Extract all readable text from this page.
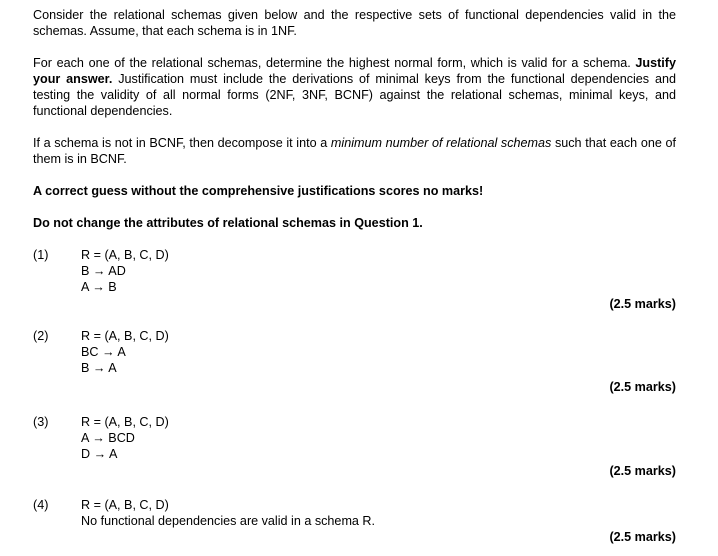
Consider the relational schemas given below and the respective sets of functional dependencies valid in the schemas. Assume, that each schema is in 1NF.

For each one of the relational schemas, determine the highest normal form, which is valid for a schema. Justify your answer. Justification must include the derivations of minimal keys from the functional dependencies and testing the validity of all normal forms (2NF, 3NF, BCNF) against the relational schemas, minimal keys, and functional dependencies.

If a schema is not in BCNF, then decompose it into a minimum number of relational schemas such that each one of them is in BCNF.

A correct guess without the comprehensive justifications scores no marks!

Do not change the attributes of relational schemas in Question 1.

(1)	R = (A, B, C, D)
B → AD
A → B
(2.5 marks)
(2)	R = (A, B, C, D)
BC → A
B → A
(2.5 marks)
(3)	R = (A, B, C, D)
A → BCD
D → A
(2.5 marks)
(4)	R = (A, B, C, D)
No functional dependencies are valid in a schema R.
(2.5 marks)
